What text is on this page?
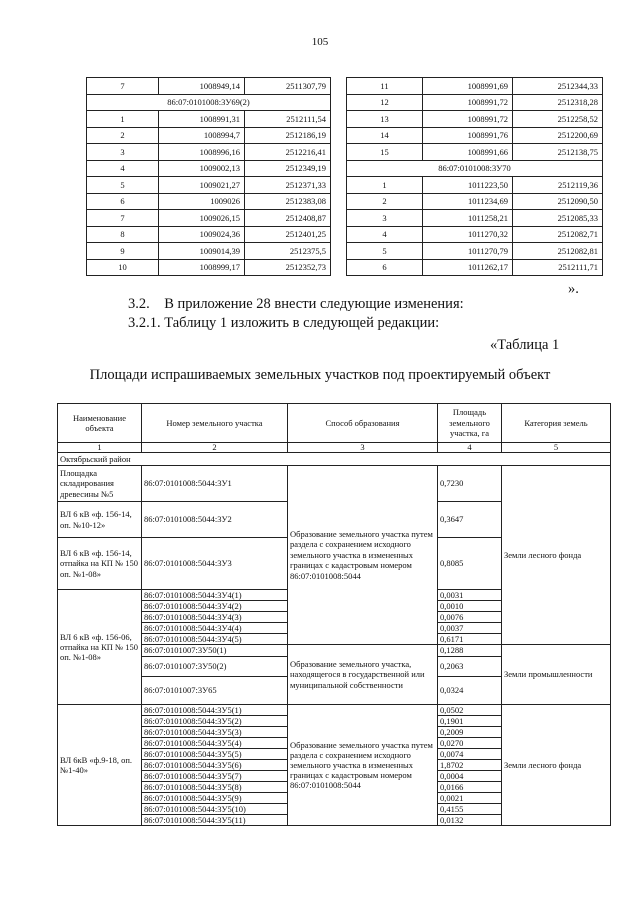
105
7	1008949,14	2511307,79
86:07:0101008:3У69(2)		
1	1008991,31	2512111,54
2	1008994,7	2512186,19
3	1008996,16	2512216,41
4	1009002,13	2512349,19
5	1009021,27	2512371,33
6	1009026	2512383,08
7	1009026,15	2512408,87
8	1009024,36	2512401,25
9	1009014,39	2512375,5
10	1008999,17	2512352,73
11	1008991,69	2512344,33
12	1008991,72	2512318,28
13	1008991,72	2512258,52
14	1008991,76	2512200,69
15	1008991,66	2512138,75
86:07:0101008:3У70		
1	1011223,50	2512119,36
2	1011234,69	2512090,50
3	1011258,21	2512085,33
4	1011270,32	2512082,71
5	1011270,79	2512082,81
6	1011262,17	2512111,71
».
3.2.    В приложение 28 внести следующие изменения:
3.2.1. Таблицу 1 изложить в следующей редакции:
«Таблица 1
Площади испрашиваемых земельных участков под проектируемый объект
Наименование объекта	Номер земельного участка	Способ образования	Площадь земельного участка, га	Категория земель
1	2	3	4	5
Октябрьский район				
Площадка складирования древесины №5	86:07:0101008:5044:3У1	Образование земельного участка путем раздела с сохранением исходного земельного участка в измененных границах с кадастровым номером 86:07:0101008:5044	0,7230	Земли лесного фонда
ВЛ 6 кВ «ф. 156-14, оп. №10-12»	86:07:0101008:5044:3У2		0,3647	
ВЛ 6 кВ «ф. 156-14, отпайка на КП № 150 оп. №1-08»	86:07:0101008:5044:3У3		0,8085	
ВЛ 6 кВ «ф. 156-06, отпайка на КП № 150 оп. №1-08»	86:07:0101008:5044:3У4(1)		0,0031	
	86:07:0101008:5044:3У4(2)		0,0010	
	86:07:0101008:5044:3У4(3)		0,0076	
	86:07:0101008:5044:3У4(4)		0,0037	
	86:07:0101008:5044:3У4(5)		0,6171	
	86:07:0101007:3У50(1)	Образование земельного участка, находящегося в государственной или муниципальной собственности	0,1288	Земли промышленности
	86:07:0101007:3У50(2)		0,2063	
	86:07:0101007:3У65		0,0324	
ВЛ 6кВ «ф.9-18, оп. №1-40»	86:07:0101008:5044:3У5(1)	Образование земельного участка путем раздела с сохранением исходного земельного участка в измененных границах с кадастровым номером 86:07:0101008:5044	0,0502	Земли лесного фонда
	86:07:0101008:5044:3У5(2)		0,1901	
	86:07:0101008:5044:3У5(3)		0,2009	
	86:07:0101008:5044:3У5(4)		0,0270	
	86:07:0101008:5044:3У5(5)		0,0074	
	86:07:0101008:5044:3У5(6)		1,8702	
	86:07:0101008:5044:3У5(7)		0,0004	
	86:07:0101008:5044:3У5(8)		0,0166	
	86:07:0101008:5044:3У5(9)		0,0021	
	86:07:0101008:5044:3У5(10)		0,4155	
	86:07:0101008:5044:3У5(11)		0,0132	
